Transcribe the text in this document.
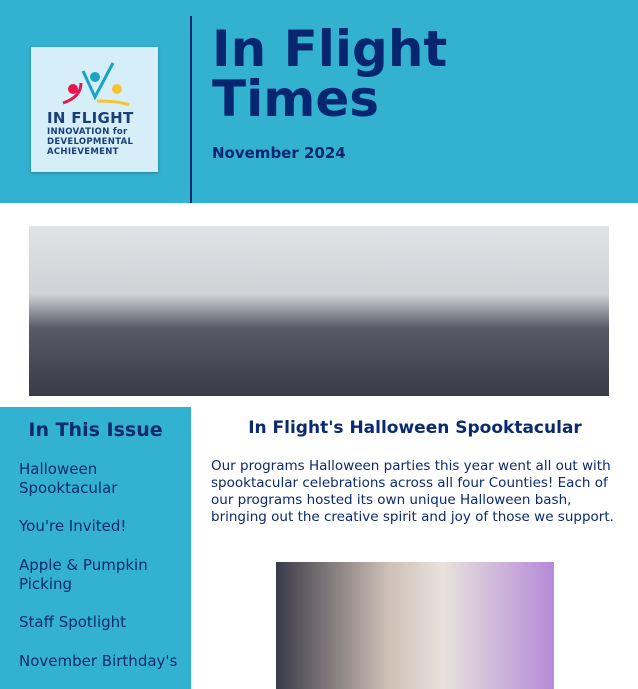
IN FLIGHT
INNOVATION for
DEVELOPMENTAL
ACHIEVEMENT
In Flight
Times
November 2024
In This Issue
Halloween Spooktacular
You're Invited!
Apple & Pumpkin Picking
Staff Spotlight
November Birthday's
In Flight's Halloween Spooktacular

Our programs Halloween parties this year went all out with spooktacular celebrations across all four Counties! Each of our programs hosted its own unique Halloween bash, bringing out the creative spirit and joy of those we support.
